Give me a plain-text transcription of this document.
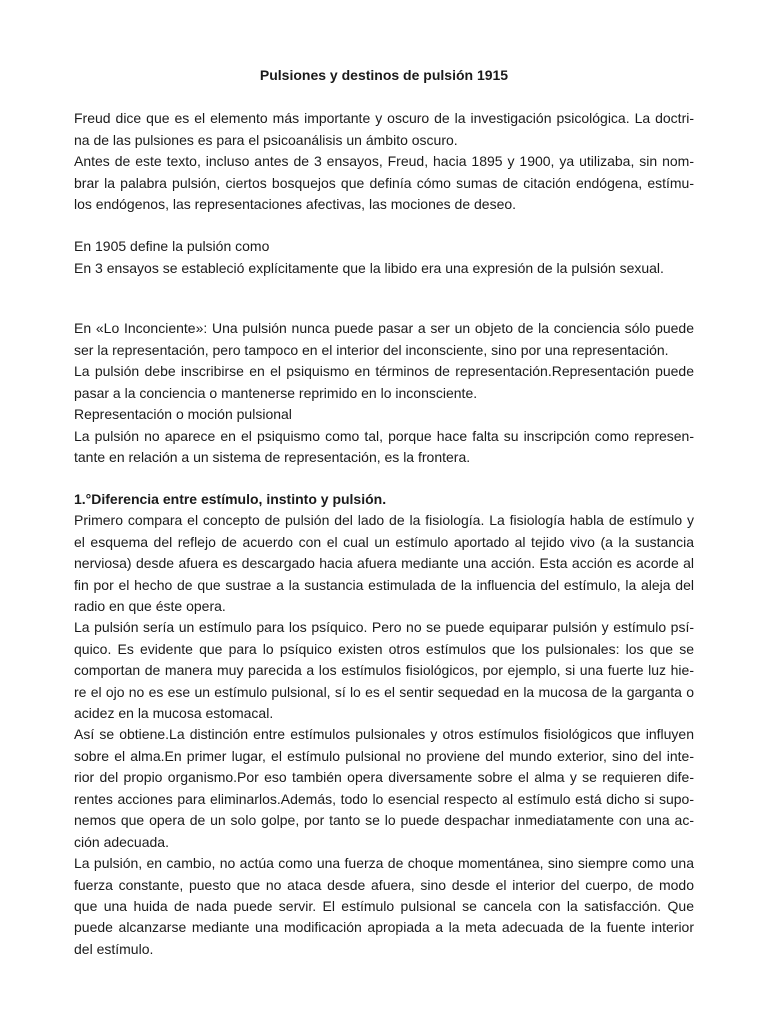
Pulsiones y destinos de pulsión 1915
Freud dice que es el elemento más importante y oscuro de la investigación psicológica. La doctri-
na de las pulsiones es para el psicoanálisis un ámbito oscuro.
Antes de este texto, incluso antes de 3 ensayos, Freud, hacia 1895 y 1900, ya utilizaba, sin nom-
brar la palabra pulsión, ciertos bosquejos que definía cómo sumas de citación endógena, estímu-
los endógenos, las representaciones afectivas, las mociones de deseo.
En 1905 define la pulsión como
En 3 ensayos se estableció explícitamente que la libido era una expresión de la pulsión sexual.
En «Lo Inconciente»: Una pulsión nunca puede pasar a ser un objeto de la conciencia sólo puede
ser la representación, pero tampoco en el interior del inconsciente, sino por una representación.
La pulsión debe inscribirse en el psiquismo en términos de representación.Representación puede
pasar a la conciencia o mantenerse reprimido en lo inconsciente.
Representación o moción pulsional
La pulsión no aparece en el psiquismo como tal, porque hace falta su inscripción como represen-
tante en relación a un sistema de representación, es la frontera.
1.°Diferencia entre estímulo, instinto y pulsión.
Primero compara el concepto de pulsión del lado de la fisiología. La fisiología habla de estímulo y
el esquema del reflejo de acuerdo con el cual un estímulo aportado al tejido vivo (a la sustancia
nerviosa) desde afuera es descargado hacia afuera mediante una acción. Esta acción es acorde al
fin por el hecho de que sustrae a la sustancia estimulada de la influencia del estímulo, la aleja del
radio en que éste opera.
La pulsión sería un estímulo para los psíquico. Pero no se puede equiparar pulsión y estímulo psí-
quico. Es evidente que para lo psíquico existen otros estímulos que los pulsionales: los que se
comportan de manera muy parecida a los estímulos fisiológicos, por ejemplo, si una fuerte luz hie-
re el ojo no es ese un estímulo pulsional, sí lo es el sentir sequedad en la mucosa de la garganta o
acidez en la mucosa estomacal.
Así se obtiene.La distinción entre estímulos pulsionales y otros estímulos fisiológicos que influyen
sobre el alma.En primer lugar, el estímulo pulsional no proviene del mundo exterior, sino del inte-
rior del propio organismo.Por eso también opera diversamente sobre el alma y se requieren dife-
rentes acciones para eliminarlos.Además, todo lo esencial respecto al estímulo está dicho si supo-
nemos que opera de un solo golpe, por tanto se lo puede despachar inmediatamente con una ac-
ción adecuada.
La pulsión, en cambio, no actúa como una fuerza de choque momentánea, sino siempre como una
fuerza constante, puesto que no ataca desde afuera, sino desde el interior del cuerpo, de modo
que una huida de nada puede servir. El estímulo pulsional se cancela con la satisfacción. Que
puede alcanzarse mediante una modificación apropiada a la meta adecuada de la fuente interior
del estímulo.
